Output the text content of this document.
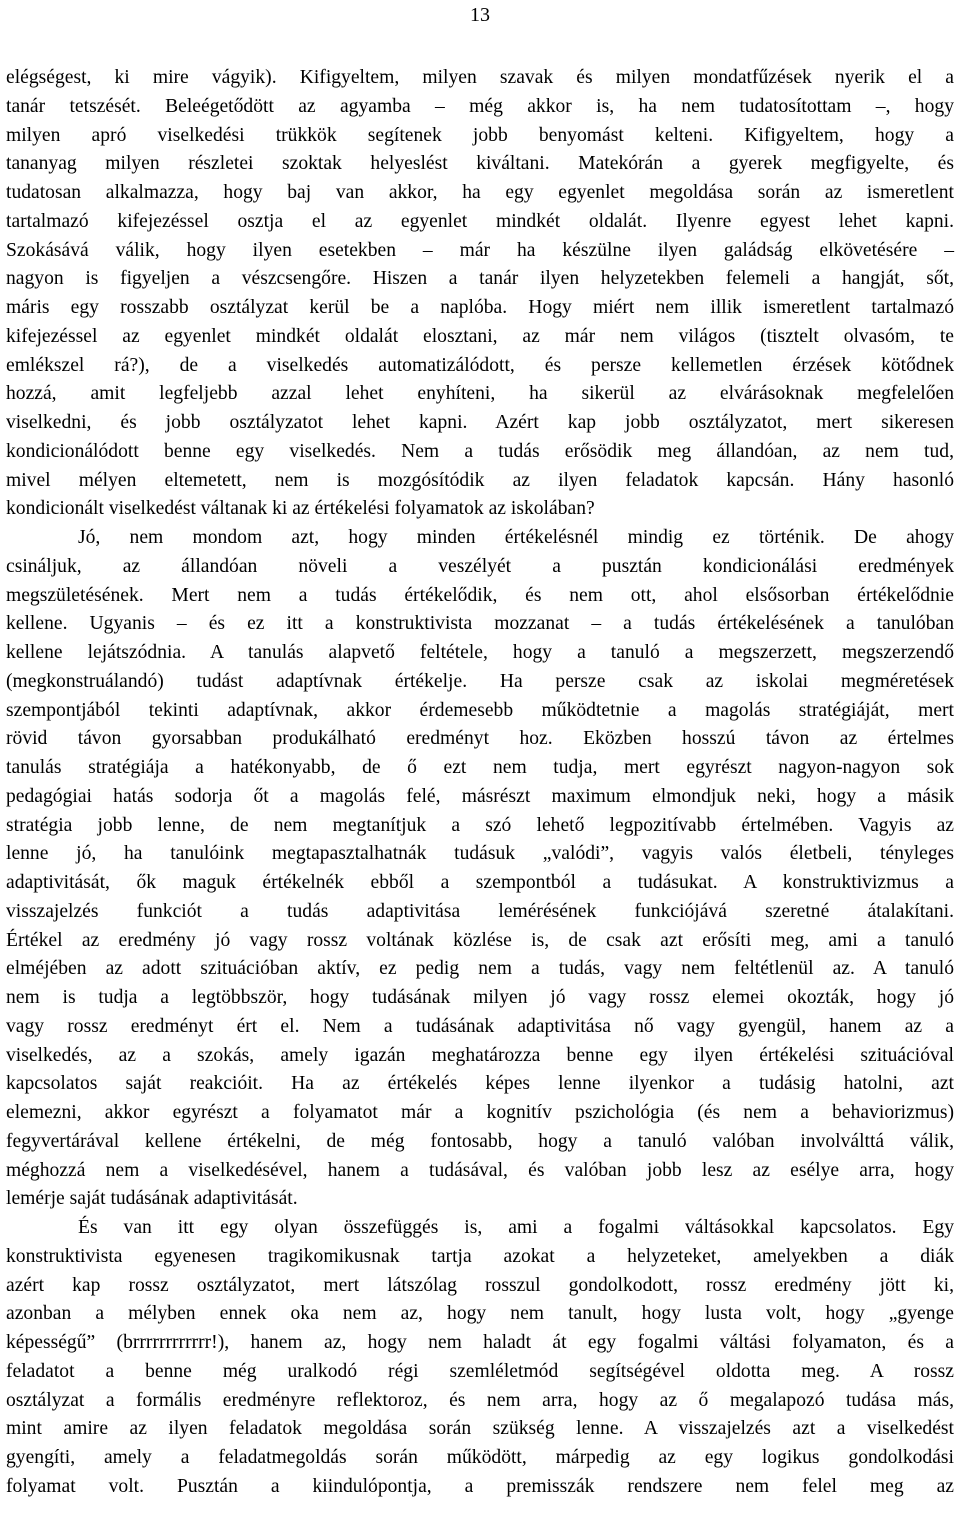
13

elégségest, ki mire vágyik). Kifigyeltem, milyen szavak és milyen mondatfűzések nyerik el a

tanár tetszését. Beleégetődött az agyamba – még akkor is, ha nem tudatosítottam –, hogy

milyen apró viselkedési trükkök segítenek jobb benyomást kelteni. Kifigyeltem, hogy a

tananyag milyen részletei szoktak helyeslést kiváltani. Matekórán a gyerek megfigyelte, és

tudatosan alkalmazza, hogy baj van akkor, ha egy egyenlet megoldása során az ismeretlent

tartalmazó kifejezéssel osztja el az egyenlet mindkét oldalát. Ilyenre egyest lehet kapni.

Szokásává válik, hogy ilyen esetekben – már ha készülne ilyen galádság elkövetésére –

nagyon is figyeljen a vészcsengőre. Hiszen a tanár ilyen helyzetekben felemeli a hangját, sőt,

máris egy rosszabb osztályzat kerül be a naplóba. Hogy miért nem illik ismeretlent tartalmazó

kifejezéssel az egyenlet mindkét oldalát elosztani, az már nem világos (tisztelt olvasóm, te

emlékszel rá?), de a viselkedés automatizálódott, és persze kellemetlen érzések kötődnek

hozzá, amit legfeljebb azzal lehet enyhíteni, ha sikerül az elvárásoknak megfelelően

viselkedni, és jobb osztályzatot lehet kapni. Azért kap jobb osztályzatot, mert sikeresen

kondicionálódott benne egy viselkedés. Nem a tudás erősödik meg állandóan, az nem tud,

mivel mélyen eltemetett, nem is mozgósítódik az ilyen feladatok kapcsán. Hány hasonló

kondicionált viselkedést váltanak ki az értékelési folyamatok az iskolában?

Jó, nem mondom azt, hogy minden értékelésnél mindig ez történik. De ahogy

csináljuk, az állandóan növeli a veszélyét a pusztán kondicionálási eredmények

megszületésének. Mert nem a tudás értékelődik, és nem ott, ahol elsősorban értékelődnie

kellene. Ugyanis – és ez itt a konstruktivista mozzanat – a tudás értékelésének a tanulóban

kellene lejátszódnia. A tanulás alapvető feltétele, hogy a tanuló a megszerzett, megszerzendő

(megkonstruálandó) tudást adaptívnak értékelje. Ha persze csak az iskolai megméretések

szempontjából tekinti adaptívnak, akkor érdemesebb működtetnie a magolás stratégiáját, mert

rövid távon gyorsabban produkálható eredményt hoz. Eközben hosszú távon az értelmes

tanulás stratégiája a hatékonyabb, de ő ezt nem tudja, mert egyrészt nagyon-nagyon sok

pedagógiai hatás sodorja őt a magolás felé, másrészt maximum elmondjuk neki, hogy a másik

stratégia jobb lenne, de nem megtanítjuk a szó lehető legpozitívabb értelmében. Vagyis az

lenne jó, ha tanulóink megtapasztalhatnák tudásuk „valódi”, vagyis valós életbeli, tényleges

adaptivitását, ők maguk értékelnék ebből a szempontból a tudásukat. A konstruktivizmus a

visszajelzés funkciót a tudás adaptivitása lemérésének funkciójává szeretné átalakítani.

Értékel az eredmény jó vagy rossz voltának közlése is, de csak azt erősíti meg, ami a tanuló

elméjében az adott szituációban aktív, ez pedig nem a tudás, vagy nem feltétlenül az. A tanuló

nem is tudja a legtöbbször, hogy tudásának milyen jó vagy rossz elemei okozták, hogy jó

vagy rossz eredményt ért el. Nem a tudásának adaptivitása nő vagy gyengül, hanem az a

viselkedés, az a szokás, amely igazán meghatározza benne egy ilyen értékelési szituációval

kapcsolatos saját reakcióit. Ha az értékelés képes lenne ilyenkor a tudásig hatolni, azt

elemezni, akkor egyrészt a folyamatot már a kognitív pszichológia (és nem a behaviorizmus)

fegyvertárával kellene értékelni, de még fontosabb, hogy a tanuló valóban involválttá válik,

méghozzá nem a viselkedésével, hanem a tudásával, és valóban jobb lesz az esélye arra, hogy

lemérje saját tudásának adaptivitását.

És van itt egy olyan összefüggés is, ami a fogalmi váltásokkal kapcsolatos. Egy

konstruktivista egyenesen tragikomikusnak tartja azokat a helyzeteket, amelyekben a diák

azért kap rossz osztályzatot, mert látszólag rosszul gondolkodott, rossz eredmény jött ki,

azonban a mélyben ennek oka nem az, hogy nem tanult, hogy lusta volt, hogy „gyenge

képességű” (brrrrrrrrrrrr!), hanem az, hogy nem haladt át egy fogalmi váltási folyamaton, és a

feladatot a benne még uralkodó régi szemléletmód segítségével oldotta meg. A rossz

osztályzat a formális eredményre reflektoroz, és nem arra, hogy az ő megalapozó tudása más,

mint amire az ilyen feladatok megoldása során szükség lenne. A visszajelzés azt a viselkedést

gyengíti, amely a feladatmegoldás során működött, márpedig az egy logikus gondolkodási

folyamat volt. Pusztán a kiindulópontja, a premisszák rendszere nem felel meg az
